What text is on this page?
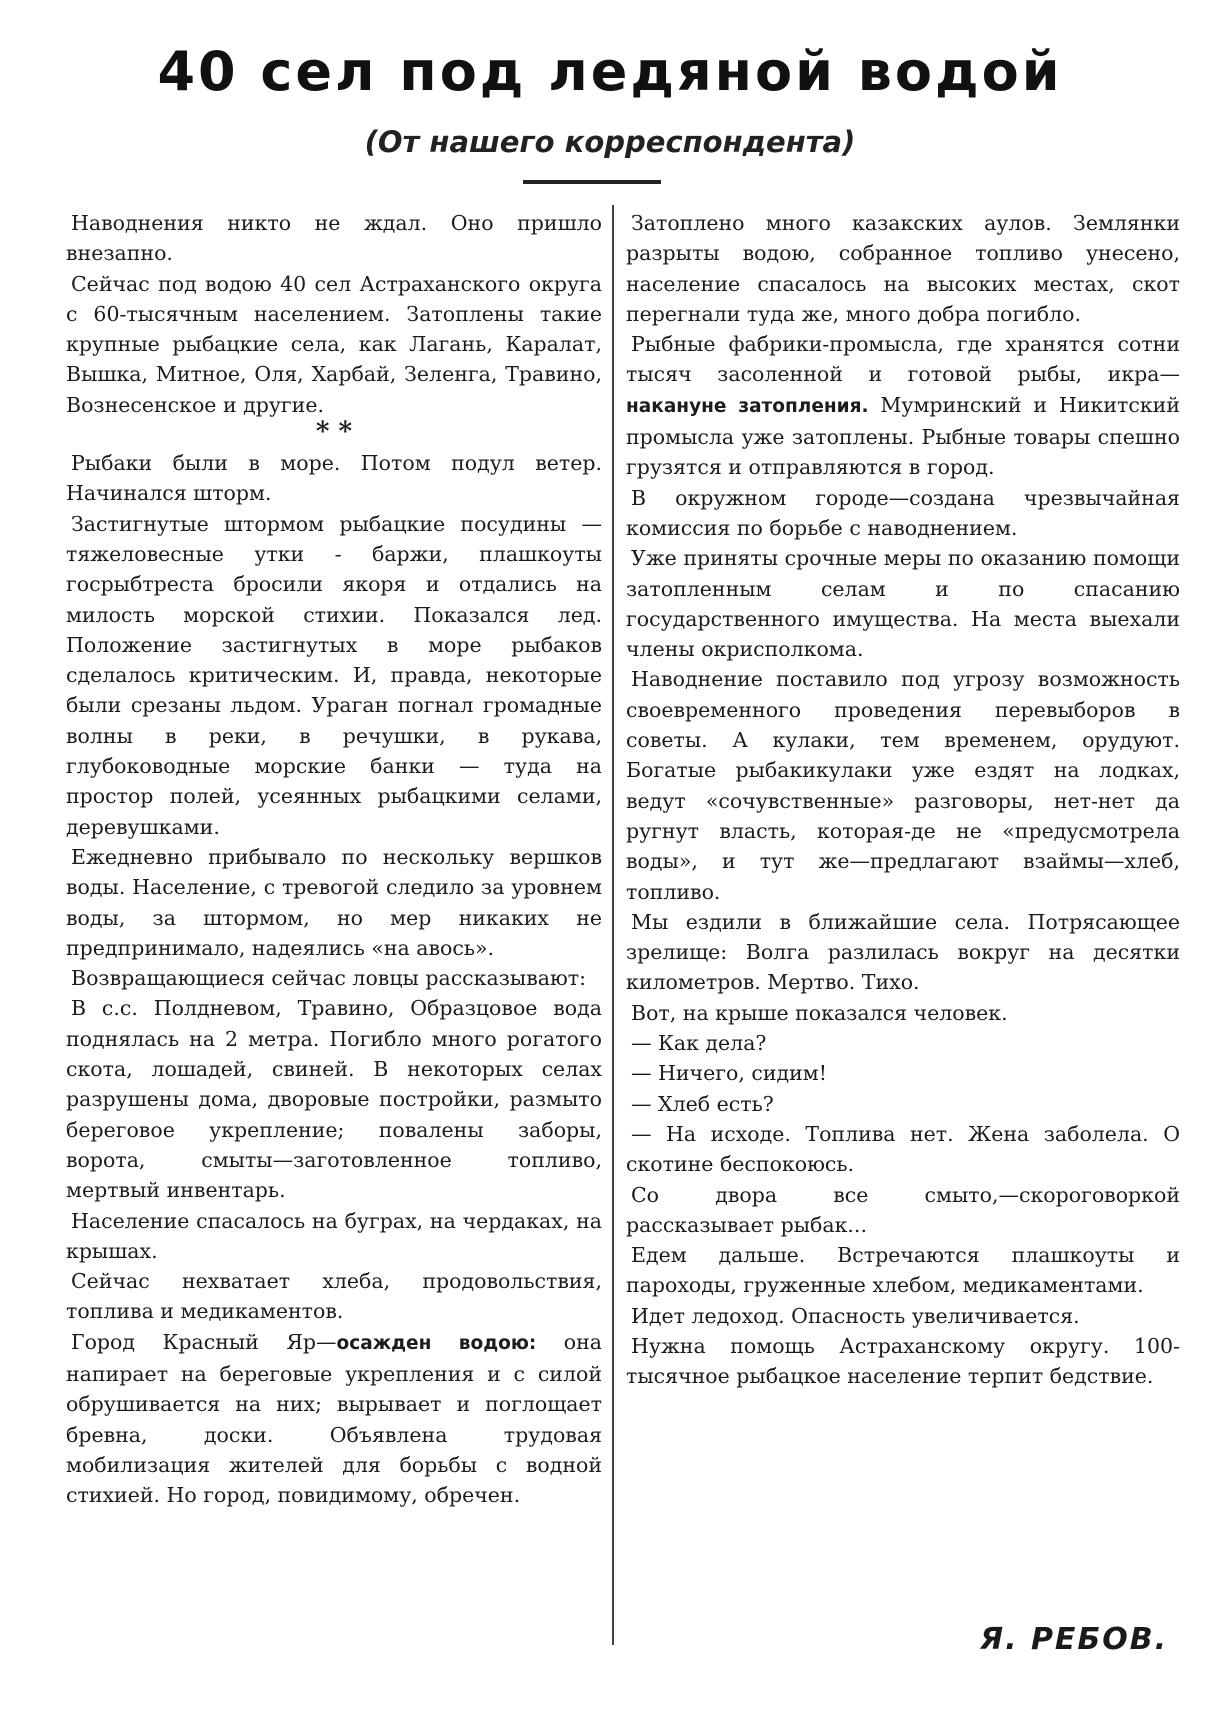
40 сел под ледяной водой
(От нашего корреспондента)

Наводнения никто не ждал. Оно пришло внезапно.

Сейчас под водою 40 сел Астраханского округа с 60-тысячным населением. Затоплены такие крупные рыбацкие села, как Лагань, Каралат, Вышка, Митное, Оля, Харбай, Зеленга, Травино, Вознесенское и другие.

* *

Рыбаки были в море. Потом подул ветер. Начинался шторм.

Застигнутые штормом рыбацкие посудины —тяжеловесные утки - баржи, плашкоуты госрыбтреста бросили якоря и отдались на милость морской стихии. Показался лед. Положение застигнутых в море рыбаков сделалось критическим. И, правда, некоторые были срезаны льдом. Ураган погнал громадные волны в реки, в речушки, в рукава, глубоководные морские банки — туда на простор полей, усеянных рыбацкими селами, деревушками.

Ежедневно прибывало по нескольку вершков воды. Население, с тревогой следило за уровнем воды, за штормом, но мер никаких не предпринимало, надеялись «на авось».

Возвращающиеся сейчас ловцы рассказывают:

В с.с. Полдневом, Травино, Образцовое вода поднялась на 2 метра. Погибло много рогатого скота, лошадей, свиней. В некоторых селах разрушены дома, дворовые постройки, размыто береговое укрепление; повалены заборы, ворота, смыты—заготовленное топливо, мертвый инвентарь.

Население спасалось на буграх, на чердаках, на крышах.

Сейчас нехватает хлеба, продовольствия, топлива и медикаментов.

Город Красный Яр—осажден водою: она напирает на береговые укрепления и с силой обрушивается на них; вырывает и поглощает бревна, доски. Объявлена трудовая мобилизация жителей для борьбы с водной стихией. Но город, повидимому, обречен.

Затоплено много казакских аулов. Землянки разрыты водою, собранное топливо унесено, население спасалось на высоких местах, скот перегнали туда же, много добра погибло.

Рыбные фабрики-промысла, где хранятся сотни тысяч засоленной и готовой рыбы, икра—накануне затопления. Мумринский и Никитский промысла уже затоплены. Рыбные товары спешно грузятся и отправляются в город.

В окружном городе—создана чрезвычайная комиссия по борьбе с наводнением.

Уже приняты срочные меры по оказанию помощи затопленным селам и по спасанию государственного имущества. На места выехали члены окрисполкома.

Наводнение поставило под угрозу возможность своевременного проведения перевыборов в советы. А кулаки, тем временем, орудуют. Богатые рыбакикулаки уже ездят на лодках, ведут «сочувственные» разговоры, нет-нет да ругнут власть, которая-де не «предусмотрела воды», и тут же—предлагают взаймы—хлеб, топливо.

Мы ездили в ближайшие села. Потрясающее зрелище: Волга разлилась вокруг на десятки километров. Мертво. Тихо.

Вот, на крыше показался человек.

— Как дела?

— Ничего, сидим!

— Хлеб есть?

— На исходе. Топлива нет. Жена заболела. О скотине беспокоюсь.

Со двора все смыто,—скороговоркой рассказывает рыбак...

Едем дальше. Встречаются плашкоуты и пароходы, груженные хлебом, медикаментами.

Идет ледоход. Опасность увеличивается.

Нужна помощь Астраханскому округу. 100-тысячное рыбацкое население терпит бедствие.

Я. РЕБОВ.
